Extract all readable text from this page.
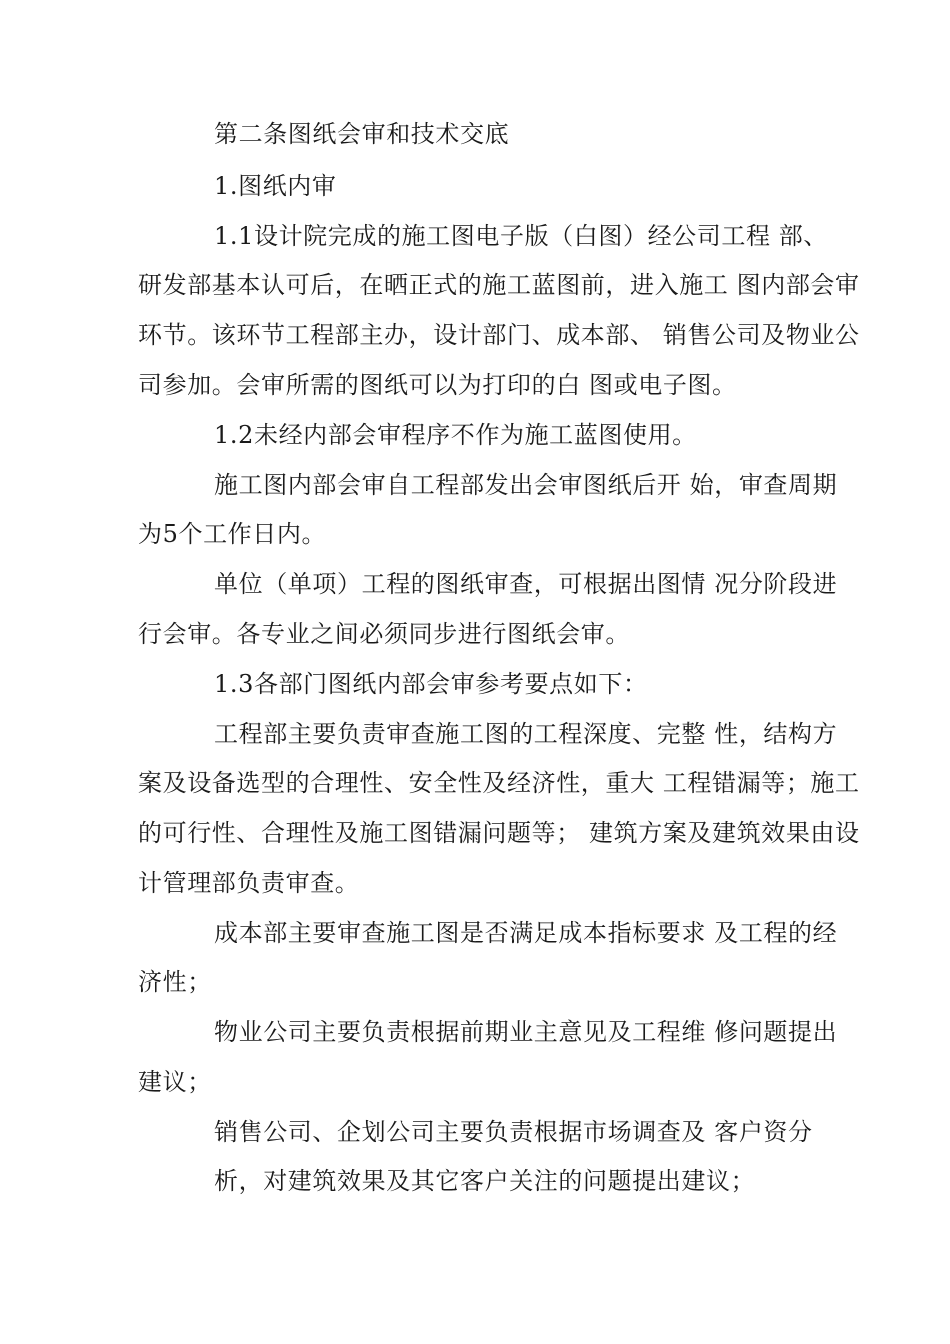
第二条图纸会审和技术交底
1.图纸内审
1.1设计院完成的施工图电子版（白图）经公司工程 部、
研发部基本认可后，在晒正式的施工蓝图前，进入施工 图内部会审
环节。该环节工程部主办，设计部门、成本部、 销售公司及物业公
司参加。会审所需的图纸可以为打印的白 图或电子图。
1.2未经内部会审程序不作为施工蓝图使用。
施工图内部会审自工程部发出会审图纸后开 始，审查周期
为5个工作日内。
单位（单项）工程的图纸审查，可根据出图情 况分阶段进
行会审。各专业之间必须同步进行图纸会审。
1.3各部门图纸内部会审参考要点如下：
工程部主要负责审查施工图的工程深度、完整 性，结构方
案及设备选型的合理性、安全性及经济性，重大 工程错漏等；施工
的可行性、合理性及施工图错漏问题等； 建筑方案及建筑效果由设
计管理部负责审查。
成本部主要审查施工图是否满足成本指标要求 及工程的经
济性；
物业公司主要负责根据前期业主意见及工程维 修问题提出
建议；
销售公司、企划公司主要负责根据市场调查及 客户资分
析，对建筑效果及其它客户关注的问题提出建议；
